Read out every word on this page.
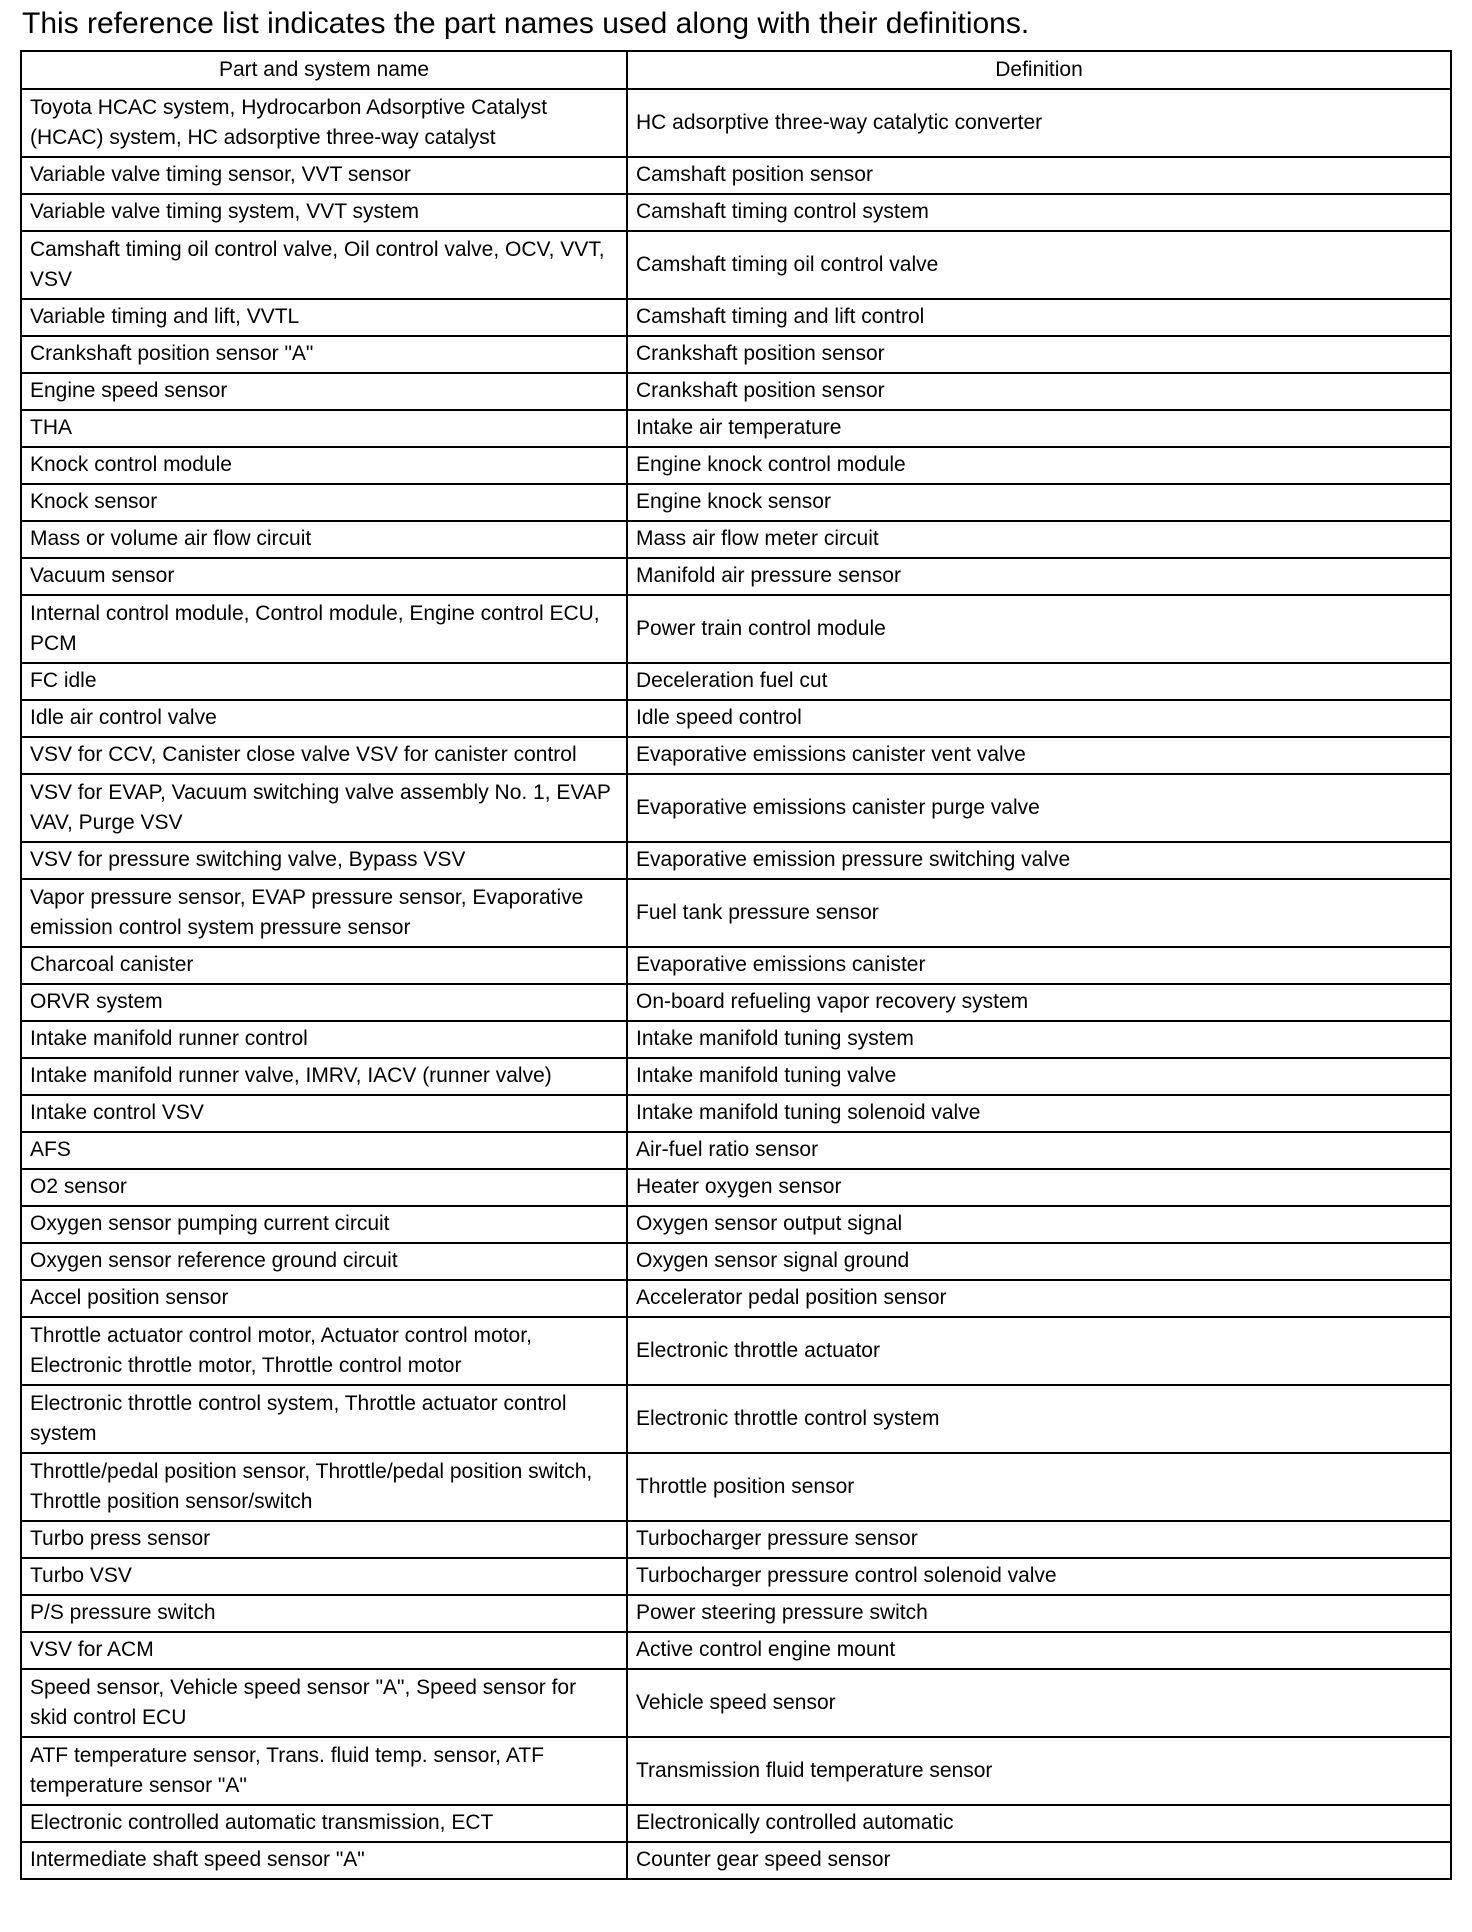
This reference list indicates the part names used along with their definitions.
Part and system name	Definition
Toyota HCAC system, Hydrocarbon Adsorptive Catalyst (HCAC) system, HC adsorptive three-way catalyst	HC adsorptive three-way catalytic converter
Variable valve timing sensor, VVT sensor	Camshaft position sensor
Variable valve timing system, VVT system	Camshaft timing control system
Camshaft timing oil control valve, Oil control valve, OCV, VVT, VSV	Camshaft timing oil control valve
Variable timing and lift, VVTL	Camshaft timing and lift control
Crankshaft position sensor "A"	Crankshaft position sensor
Engine speed sensor	Crankshaft position sensor
THA	Intake air temperature
Knock control module	Engine knock control module
Knock sensor	Engine knock sensor
Mass or volume air flow circuit	Mass air flow meter circuit
Vacuum sensor	Manifold air pressure sensor
Internal control module, Control module, Engine control ECU, PCM	Power train control module
FC idle	Deceleration fuel cut
Idle air control valve	Idle speed control
VSV for CCV, Canister close valve VSV for canister control	Evaporative emissions canister vent valve
VSV for EVAP, Vacuum switching valve assembly No. 1, EVAP VAV, Purge VSV	Evaporative emissions canister purge valve
VSV for pressure switching valve, Bypass VSV	Evaporative emission pressure switching valve
Vapor pressure sensor, EVAP pressure sensor, Evaporative emission control system pressure sensor	Fuel tank pressure sensor
Charcoal canister	Evaporative emissions canister
ORVR system	On-board refueling vapor recovery system
Intake manifold runner control	Intake manifold tuning system
Intake manifold runner valve, IMRV, IACV (runner valve)	Intake manifold tuning valve
Intake control VSV	Intake manifold tuning solenoid valve
AFS	Air-fuel ratio sensor
O2 sensor	Heater oxygen sensor
Oxygen sensor pumping current circuit	Oxygen sensor output signal
Oxygen sensor reference ground circuit	Oxygen sensor signal ground
Accel position sensor	Accelerator pedal position sensor
Throttle actuator control motor, Actuator control motor, Electronic throttle motor, Throttle control motor	Electronic throttle actuator
Electronic throttle control system, Throttle actuator control system	Electronic throttle control system
Throttle/pedal position sensor, Throttle/pedal position switch, Throttle position sensor/switch	Throttle position sensor
Turbo press sensor	Turbocharger pressure sensor
Turbo VSV	Turbocharger pressure control solenoid valve
P/S pressure switch	Power steering pressure switch
VSV for ACM	Active control engine mount
Speed sensor, Vehicle speed sensor "A", Speed sensor for skid control ECU	Vehicle speed sensor
ATF temperature sensor, Trans. fluid temp. sensor, ATF temperature sensor "A"	Transmission fluid temperature sensor
Electronic controlled automatic transmission, ECT	Electronically controlled automatic
Intermediate shaft speed sensor "A"	Counter gear speed sensor
